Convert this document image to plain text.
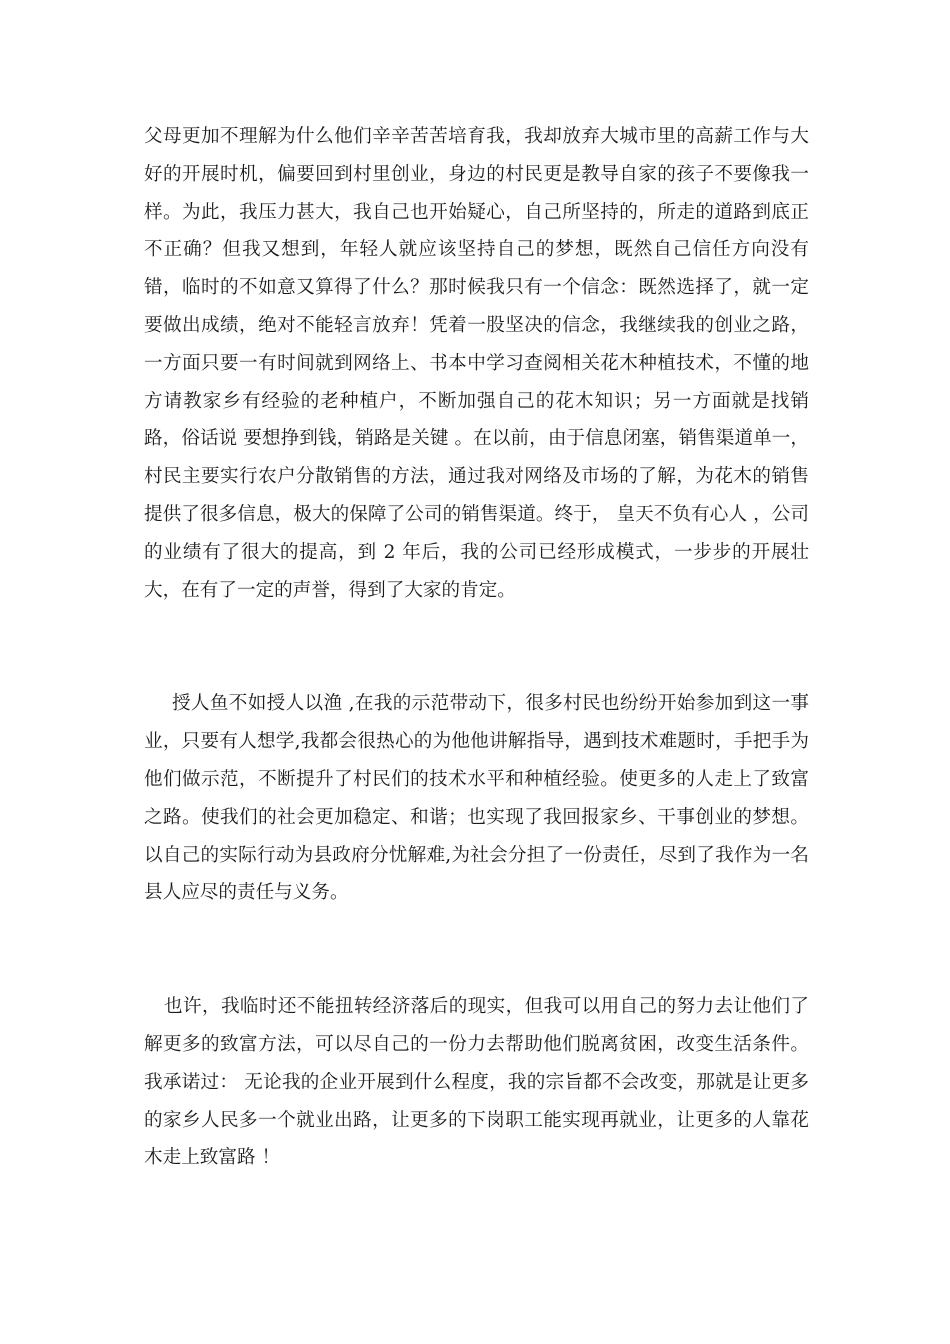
父母更加不理解为什么他们辛辛苦苦培育我，我却放弃大城市里的高薪工作与大好的开展时机，偏要回到村里创业，身边的村民更是教导自家的孩子不要像我一样。为此，我压力甚大，我自己也开始疑心，自己所坚持的，所走的道路到底正不正确？但我又想到，年轻人就应该坚持自己的梦想，既然自己信任方向没有错，临时的不如意又算得了什么？那时候我只有一个信念：既然选择了，就一定要做出成绩，绝对不能轻言放弃！凭着一股坚决的信念，我继续我的创业之路，一方面只要一有时间就到网络上、书本中学习查阅相关花木种植技术，不懂的地方请教家乡有经验的老种植户，不断加强自己的花木知识；另一方面就是找销路，俗话说 要想挣到钱，销路是关键 。在以前，由于信息闭塞，销售渠道单一，村民主要实行农户分散销售的方法，通过我对网络及市场的了解，为花木的销售提供了很多信息，极大的保障了公司的销售渠道。终于， 皇天不负有心人 ，公司的业绩有了很大的提高，到 2 年后，我的公司已经形成模式，一步步的开展壮大，在有了一定的声誉，得到了大家的肯定。

授人鱼不如授人以渔 ,在我的示范带动下，很多村民也纷纷开始参加到这一事业，只要有人想学,我都会很热心的为他他讲解指导，遇到技术难题时，手把手为他们做示范，不断提升了村民们的技术水平和种植经验。使更多的人走上了致富之路。使我们的社会更加稳定、和谐；也实现了我回报家乡、干事创业的梦想。以自己的实际行动为县政府分忧解难,为社会分担了一份责任，尽到了我作为一名县人应尽的责任与义务。

也许，我临时还不能扭转经济落后的现实，但我可以用自己的努力去让他们了解更多的致富方法，可以尽自己的一份力去帮助他们脱离贫困，改变生活条件。我承诺过： 无论我的企业开展到什么程度，我的宗旨都不会改变，那就是让更多的家乡人民多一个就业出路，让更多的下岗职工能实现再就业，让更多的人靠花木走上致富路 ！
